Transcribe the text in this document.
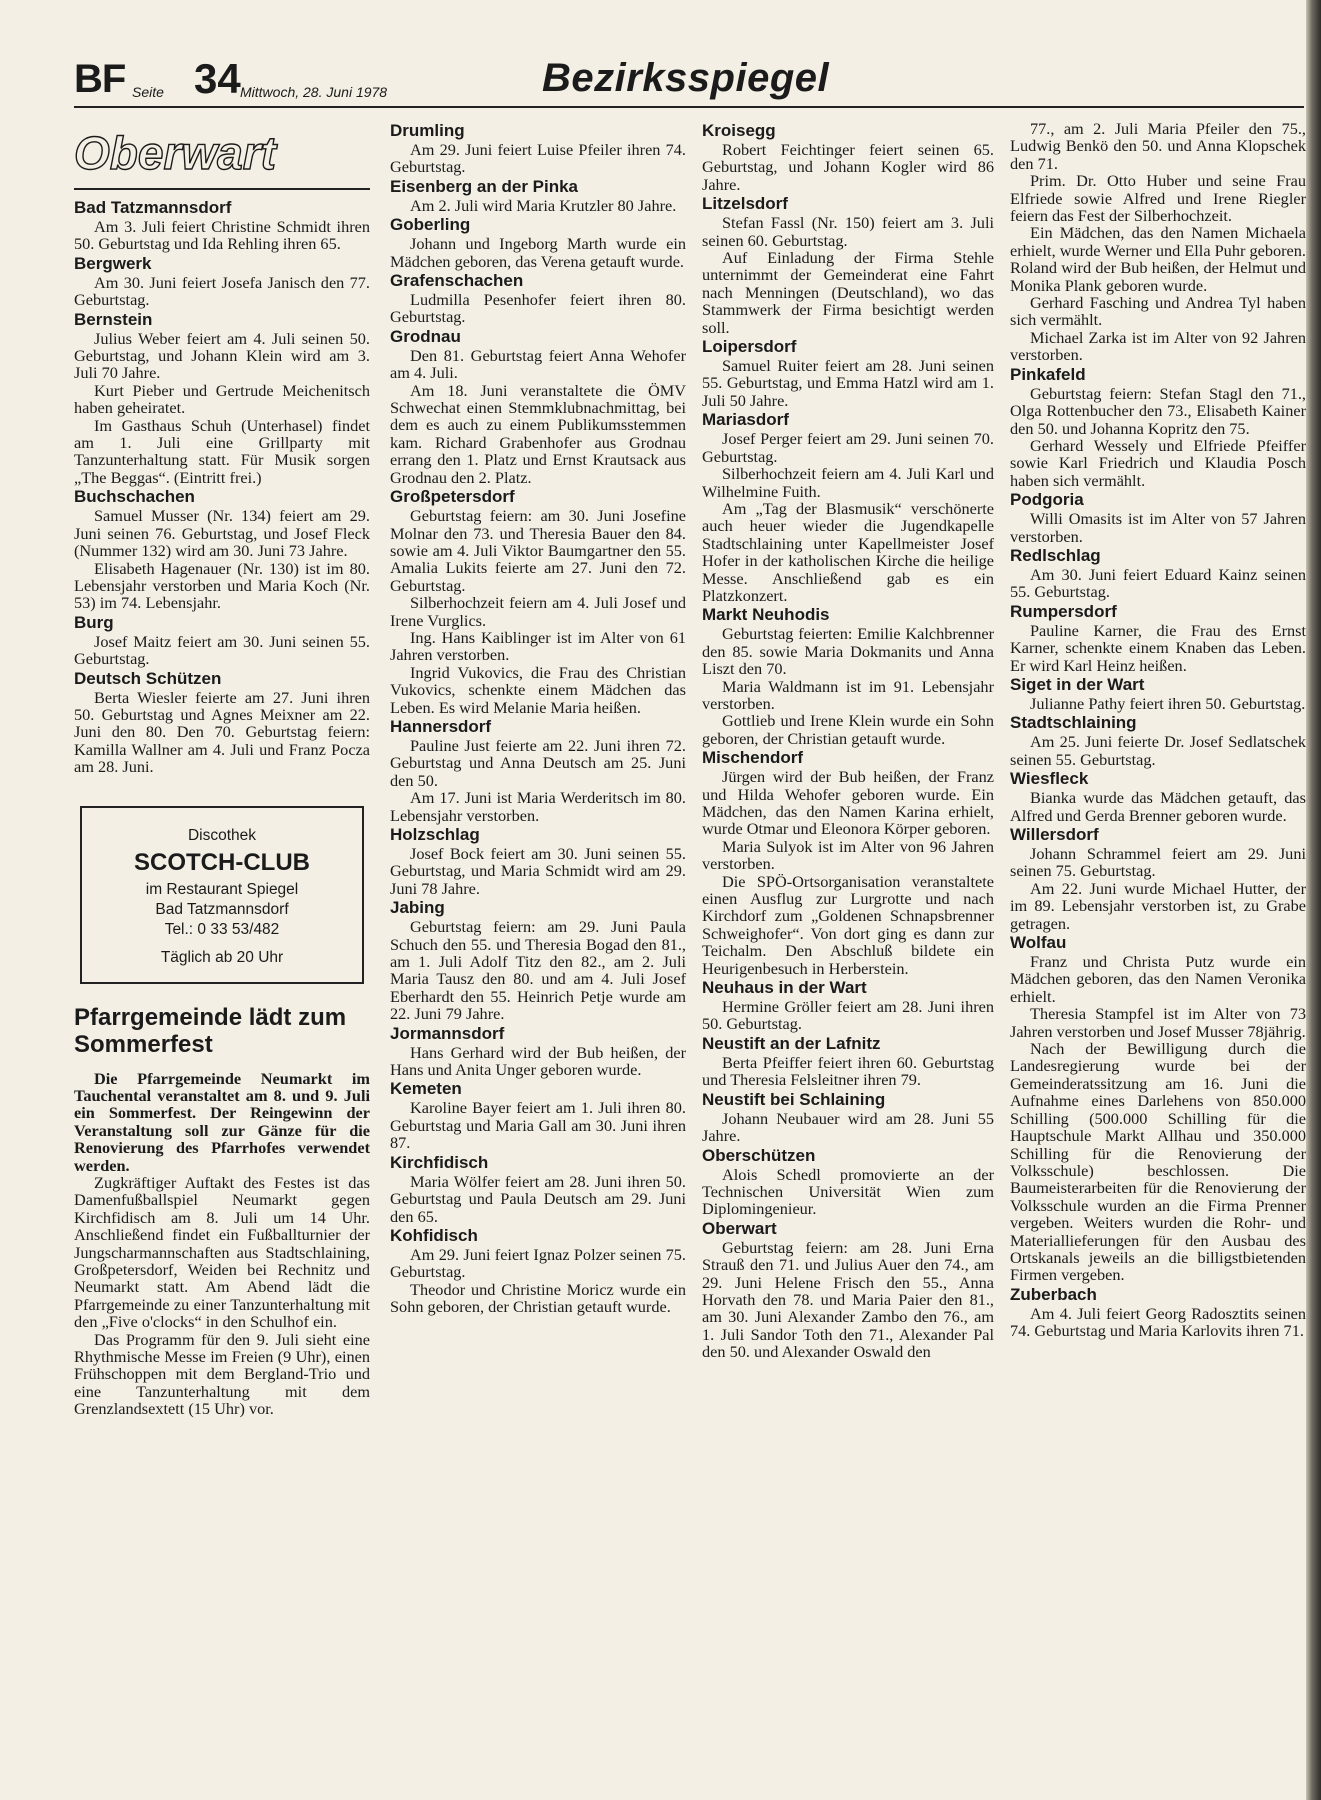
BF Seite 34 Mittwoch, 28. Juni 1978	Bezirksspiegel
Oberwart
Bad Tatzmannsdorf

Am 3. Juli feiert Christine Schmidt ihren 50. Geburtstag und Ida Rehling ihren 65.

Bergwerk

Am 30. Juni feiert Josefa Janisch den 77. Geburtstag.

Bernstein

Julius Weber feiert am 4. Juli seinen 50. Geburtstag, und Johann Klein wird am 3. Juli 70 Jahre.

Kurt Pieber und Gertrude Meichenitsch haben geheiratet.

Im Gasthaus Schuh (Unterhasel) findet am 1. Juli eine Grillparty mit Tanzunterhaltung statt. Für Musik sorgen „The Beggas“. (Eintritt frei.)

Buchschachen

Samuel Musser (Nr. 134) feiert am 29. Juni seinen 76. Geburtstag, und Josef Fleck (Nummer 132) wird am 30. Juni 73 Jahre.

Elisabeth Hagenauer (Nr. 130) ist im 80. Lebensjahr verstorben und Maria Koch (Nr. 53) im 74. Lebensjahr.

Burg

Josef Maitz feiert am 30. Juni seinen 55. Geburtstag.

Deutsch Schützen

Berta Wiesler feierte am 27. Juni ihren 50. Geburtstag und Agnes Meixner am 22. Juni den 80. Den 70. Geburtstag feiern: Kamilla Wallner am 4. Juli und Franz Pocza am 28. Juni.

Discothek
SCOTCH-CLUB
im Restaurant Spiegel
Bad Tatzmannsdorf
Tel.: 0 33 53/482
Täglich ab 20 Uhr
Pfarrgemeinde lädt zum Sommerfest

Die Pfarrgemeinde Neumarkt im Tauchental veranstaltet am 8. und 9. Juli ein Sommerfest. Der Reingewinn der Veranstaltung soll zur Gänze für die Renovierung des Pfarrhofes verwendet werden.

Zugkräftiger Auftakt des Festes ist das Damenfußballspiel Neumarkt gegen Kirchfidisch am 8. Juli um 14 Uhr. Anschließend findet ein Fußballturnier der Jungscharmannschaften aus Stadtschlaining, Großpetersdorf, Weiden bei Rechnitz und Neumarkt statt. Am Abend lädt die Pfarrgemeinde zu einer Tanzunterhaltung mit den „Five o'clocks“ in den Schulhof ein.

Das Programm für den 9. Juli sieht eine Rhythmische Messe im Freien (9 Uhr), einen Frühschoppen mit dem Bergland-Trio und eine Tanzunterhaltung mit dem Grenzlandsextett (15 Uhr) vor.

Drumling

Am 29. Juni feiert Luise Pfeiler ihren 74. Geburtstag.

Eisenberg an der Pinka

Am 2. Juli wird Maria Krutzler 80 Jahre.

Goberling

Johann und Ingeborg Marth wurde ein Mädchen geboren, das Verena getauft wurde.

Grafenschachen

Ludmilla Pesenhofer feiert ihren 80. Geburtstag.

Grodnau

Den 81. Geburtstag feiert Anna Wehofer am 4. Juli.

Am 18. Juni veranstaltete die ÖMV Schwechat einen Stemmklubnachmittag, bei dem es auch zu einem Publikumsstemmen kam. Richard Grabenhofer aus Grodnau errang den 1. Platz und Ernst Krautsack aus Grodnau den 2. Platz.

Großpetersdorf

Geburtstag feiern: am 30. Juni Josefine Molnar den 73. und Theresia Bauer den 84. sowie am 4. Juli Viktor Baumgartner den 55. Amalia Lukits feierte am 27. Juni den 72. Geburtstag.

Silberhochzeit feiern am 4. Juli Josef und Irene Vurglics.

Ing. Hans Kaiblinger ist im Alter von 61 Jahren verstorben.

Ingrid Vukovics, die Frau des Christian Vukovics, schenkte einem Mädchen das Leben. Es wird Melanie Maria heißen.

Hannersdorf

Pauline Just feierte am 22. Juni ihren 72. Geburtstag und Anna Deutsch am 25. Juni den 50.

Am 17. Juni ist Maria Werderitsch im 80. Lebensjahr verstorben.

Holzschlag

Josef Bock feiert am 30. Juni seinen 55. Geburtstag, und Maria Schmidt wird am 29. Juni 78 Jahre.

Jabing

Geburtstag feiern: am 29. Juni Paula Schuch den 55. und Theresia Bogad den 81., am 1. Juli Adolf Titz den 82., am 2. Juli Maria Tausz den 80. und am 4. Juli Josef Eberhardt den 55. Heinrich Petje wurde am 22. Juni 79 Jahre.

Jormannsdorf

Hans Gerhard wird der Bub heißen, der Hans und Anita Unger geboren wurde.

Kemeten

Karoline Bayer feiert am 1. Juli ihren 80. Geburtstag und Maria Gall am 30. Juni ihren 87.

Kirchfidisch

Maria Wölfer feiert am 28. Juni ihren 50. Geburtstag und Paula Deutsch am 29. Juni den 65.

Kohfidisch

Am 29. Juni feiert Ignaz Polzer seinen 75. Geburtstag.

Theodor und Christine Moricz wurde ein Sohn geboren, der Christian getauft wurde.

Kroisegg

Robert Feichtinger feiert seinen 65. Geburtstag, und Johann Kogler wird 86 Jahre.

Litzelsdorf

Stefan Fassl (Nr. 150) feiert am 3. Juli seinen 60. Geburtstag.

Auf Einladung der Firma Stehle unternimmt der Gemeinderat eine Fahrt nach Menningen (Deutschland), wo das Stammwerk der Firma besichtigt werden soll.

Loipersdorf

Samuel Ruiter feiert am 28. Juni seinen 55. Geburtstag, und Emma Hatzl wird am 1. Juli 50 Jahre.

Mariasdorf

Josef Perger feiert am 29. Juni seinen 70. Geburtstag.

Silberhochzeit feiern am 4. Juli Karl und Wilhelmine Fuith.

Am „Tag der Blasmusik“ verschönerte auch heuer wieder die Jugendkapelle Stadtschlaining unter Kapellmeister Josef Hofer in der katholischen Kirche die heilige Messe. Anschließend gab es ein Platzkonzert.

Markt Neuhodis

Geburtstag feierten: Emilie Kalchbrenner den 85. sowie Maria Dokmanits und Anna Liszt den 70.

Maria Waldmann ist im 91. Lebensjahr verstorben.

Gottlieb und Irene Klein wurde ein Sohn geboren, der Christian getauft wurde.

Mischendorf

Jürgen wird der Bub heißen, der Franz und Hilda Wehofer geboren wurde. Ein Mädchen, das den Namen Karina erhielt, wurde Otmar und Eleonora Körper geboren.

Maria Sulyok ist im Alter von 96 Jahren verstorben.

Die SPÖ-Ortsorganisation veranstaltete einen Ausflug zur Lurgrotte und nach Kirchdorf zum „Goldenen Schnapsbrenner Schweighofer“. Von dort ging es dann zur Teichalm. Den Abschluß bildete ein Heurigenbesuch in Herberstein.

Neuhaus in der Wart

Hermine Gröller feiert am 28. Juni ihren 50. Geburtstag.

Neustift an der Lafnitz

Berta Pfeiffer feiert ihren 60. Geburtstag und Theresia Felsleitner ihren 79.

Neustift bei Schlaining

Johann Neubauer wird am 28. Juni 55 Jahre.

Oberschützen

Alois Schedl promovierte an der Technischen Universität Wien zum Diplomingenieur.

Oberwart

Geburtstag feiern: am 28. Juni Erna Strauß den 71. und Julius Auer den 74., am 29. Juni Helene Frisch den 55., Anna Horvath den 78. und Maria Paier den 81., am 30. Juni Alexander Zambo den 76., am 1. Juli Sandor Toth den 71., Alexander Pal den 50. und Alexander Oswald den

77., am 2. Juli Maria Pfeiler den 75., Ludwig Benkö den 50. und Anna Klopschek den 71.

Prim. Dr. Otto Huber und seine Frau Elfriede sowie Alfred und Irene Riegler feiern das Fest der Silberhochzeit.

Ein Mädchen, das den Namen Michaela erhielt, wurde Werner und Ella Puhr geboren. Roland wird der Bub heißen, der Helmut und Monika Plank geboren wurde.

Gerhard Fasching und Andrea Tyl haben sich vermählt.

Michael Zarka ist im Alter von 92 Jahren verstorben.

Pinkafeld

Geburtstag feiern: Stefan Stagl den 71., Olga Rottenbucher den 73., Elisabeth Kainer den 50. und Johanna Kopritz den 75.

Gerhard Wessely und Elfriede Pfeiffer sowie Karl Friedrich und Klaudia Posch haben sich vermählt.

Podgoria

Willi Omasits ist im Alter von 57 Jahren verstorben.

Redlschlag

Am 30. Juni feiert Eduard Kainz seinen 55. Geburtstag.

Rumpersdorf

Pauline Karner, die Frau des Ernst Karner, schenkte einem Knaben das Leben. Er wird Karl Heinz heißen.

Siget in der Wart

Julianne Pathy feiert ihren 50. Geburtstag.

Stadtschlaining

Am 25. Juni feierte Dr. Josef Sedlatschek seinen 55. Geburtstag.

Wiesfleck

Bianka wurde das Mädchen getauft, das Alfred und Gerda Brenner geboren wurde.

Willersdorf

Johann Schrammel feiert am 29. Juni seinen 75. Geburtstag.

Am 22. Juni wurde Michael Hutter, der im 89. Lebensjahr verstorben ist, zu Grabe getragen.

Wolfau

Franz und Christa Putz wurde ein Mädchen geboren, das den Namen Veronika erhielt.

Theresia Stampfel ist im Alter von 73 Jahren verstorben und Josef Musser 78jährig.

Nach der Bewilligung durch die Landesregierung wurde bei der Gemeinderatssitzung am 16. Juni die Aufnahme eines Darlehens von 850.000 Schilling (500.000 Schilling für die Hauptschule Markt Allhau und 350.000 Schilling für die Renovierung der Volksschule) beschlossen. Die Baumeisterarbeiten für die Renovierung der Volksschule wurden an die Firma Prenner vergeben. Weiters wurden die Rohr- und Materiallieferungen für den Ausbau des Ortskanals jeweils an die billigstbietenden Firmen vergeben.

Zuberbach

Am 4. Juli feiert Georg Radosztits seinen 74. Geburtstag und Maria Karlovits ihren 71.
